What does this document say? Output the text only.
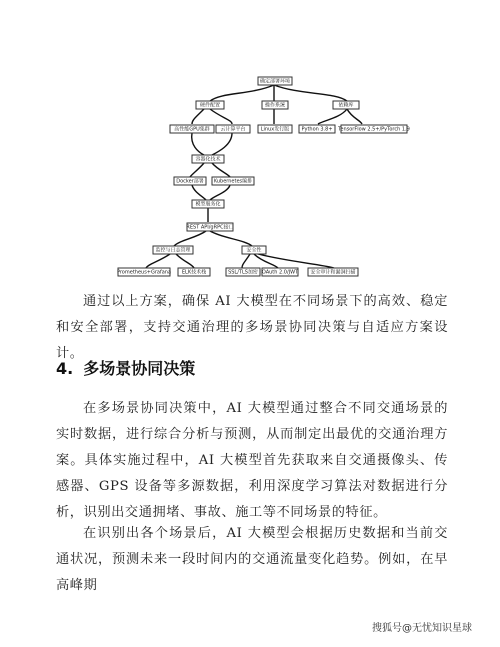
确定部署环境
硬件配置	操作系统	依赖库
高性能GPU集群 云计算平台	Linux发行版 Python 3.8+ TensorFlow 2.5+/PyTorch 1.9
容器化技术
Docker部署 Kubernetes编排
模型服务化
REST API/gRPC接口
监控与日志管理	安全性
Prometheus+Grafana ELK技术栈	SSL/TLS加密 OAuth 2.0/JWT 安全审计和漏洞扫描

通过以上方案，确保 AI 大模型在不同场景下的高效、稳定和安全部署，支持交通治理的多场景协同决策与自适应方案设计。

4. 多场景协同决策

在多场景协同决策中，AI 大模型通过整合不同交通场景的实时数据，进行综合分析与预测，从而制定出最优的交通治理方案。具体实施过程中，AI 大模型首先获取来自交通摄像头、传感器、GPS 设备等多源数据，利用深度学习算法对数据进行分析，识别出交通拥堵、事故、施工等不同场景的特征。

在识别出各个场景后，AI 大模型会根据历史数据和当前交通状况，预测未来一段时间内的交通流量变化趋势。例如，在早高峰期

搜狐号@无忧知识星球
